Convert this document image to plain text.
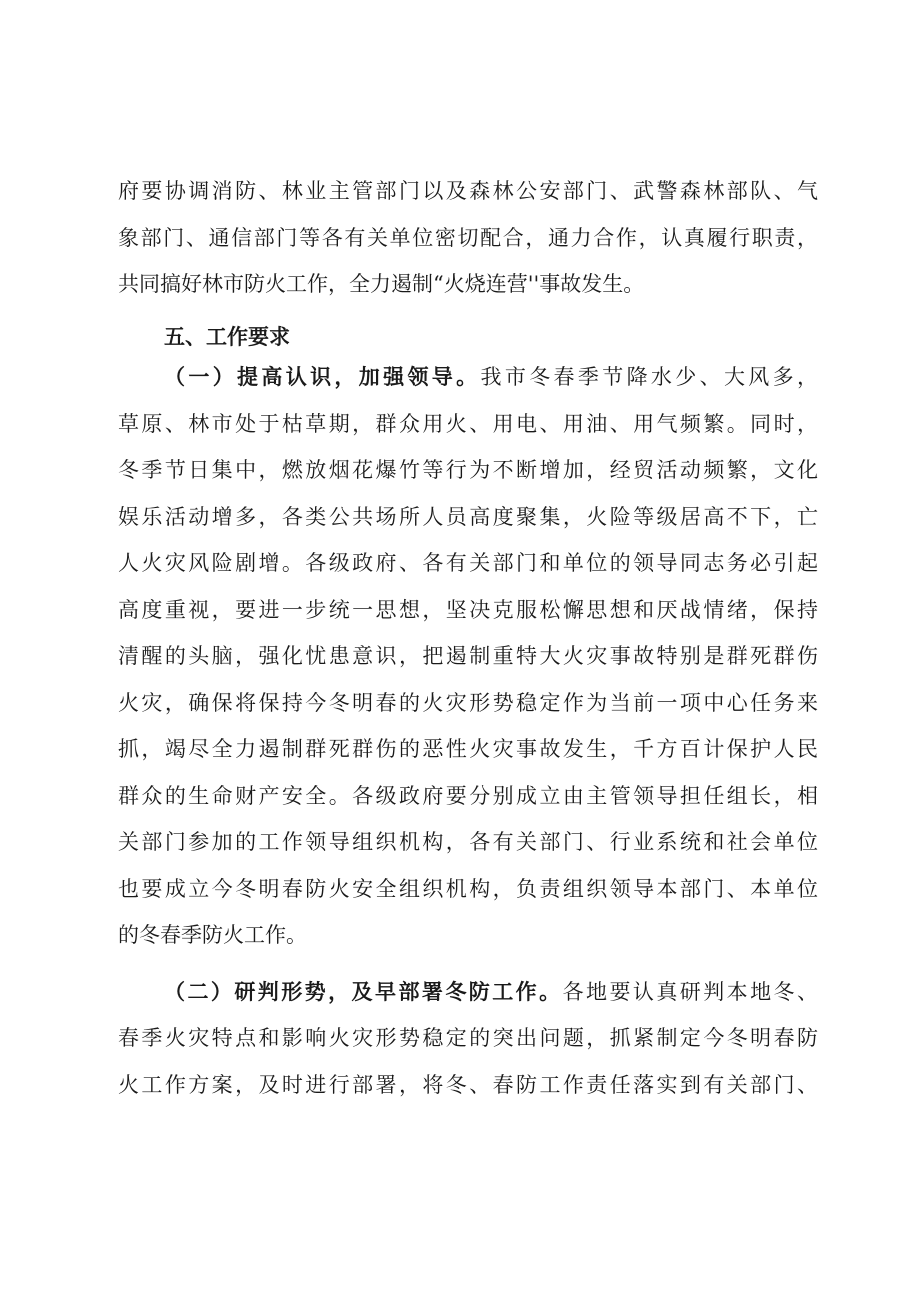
府要协调消防、林业主管部门以及森林公安部门、武警森林部队、气
象部门、通信部门等各有关单位密切配合，通力合作，认真履行职责，
共同搞好林市防火工作，全力遏制“火烧连营''事故发生。
五、工作要求
（一）提高认识，加强领导。我市冬春季节降水少、大风多，
草原、林市处于枯草期，群众用火、用电、用油、用气频繁。同时，
冬季节日集中，燃放烟花爆竹等行为不断增加，经贸活动频繁，文化
娱乐活动增多，各类公共场所人员高度聚集，火险等级居高不下，亡
人火灾风险剧增。各级政府、各有关部门和单位的领导同志务必引起
高度重视，要进一步统一思想，坚决克服松懈思想和厌战情绪，保持
清醒的头脑，强化忧患意识，把遏制重特大火灾事故特别是群死群伤
火灾，确保将保持今冬明春的火灾形势稳定作为当前一项中心任务来
抓，竭尽全力遏制群死群伤的恶性火灾事故发生，千方百计保护人民
群众的生命财产安全。各级政府要分别成立由主管领导担任组长，相
关部门参加的工作领导组织机构，各有关部门、行业系统和社会单位
也要成立今冬明春防火安全组织机构，负责组织领导本部门、本单位
的冬春季防火工作。
（二）研判形势，及早部署冬防工作。各地要认真研判本地冬、
春季火灾特点和影响火灾形势稳定的突出问题，抓紧制定今冬明春防
火工作方案，及时进行部署，将冬、春防工作责任落实到有关部门、
